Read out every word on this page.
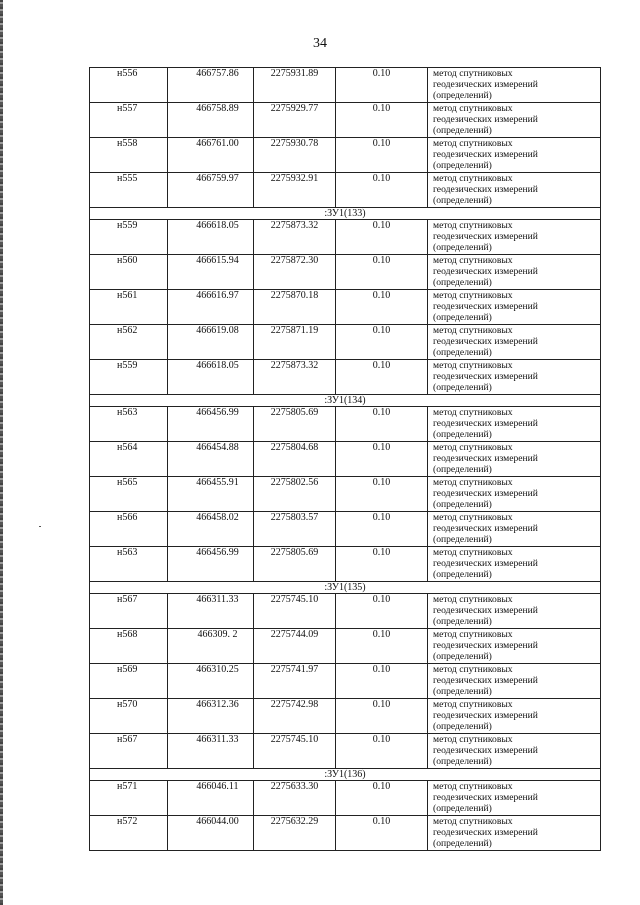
34
н556	466757.86	2275931.89	0.10	метод спутниковых
геодезических измерений
(определений)
н557	466758.89	2275929.77	0.10	метод спутниковых
геодезических измерений
(определений)
н558	466761.00	2275930.78	0.10	метод спутниковых
геодезических измерений
(определений)
н555	466759.97	2275932.91	0.10	метод спутниковых
геодезических измерений
(определений)
:ЗУ1(133)				
н559	466618.05	2275873.32	0.10	метод спутниковых
геодезических измерений
(определений)
н560	466615.94	2275872.30	0.10	метод спутниковых
геодезических измерений
(определений)
н561	466616.97	2275870.18	0.10	метод спутниковых
геодезических измерений
(определений)
н562	466619.08	2275871.19	0.10	метод спутниковых
геодезических измерений
(определений)
н559	466618.05	2275873.32	0.10	метод спутниковых
геодезических измерений
(определений)
:ЗУ1(134)				
н563	466456.99	2275805.69	0.10	метод спутниковых
геодезических измерений
(определений)
н564	466454.88	2275804.68	0.10	метод спутниковых
геодезических измерений
(определений)
н565	466455.91	2275802.56	0.10	метод спутниковых
геодезических измерений
(определений)
н566	466458.02	2275803.57	0.10	метод спутниковых
геодезических измерений
(определений)
н563	466456.99	2275805.69	0.10	метод спутниковых
геодезических измерений
(определений)
:ЗУ1(135)				
н567	466311.33	2275745.10	0.10	метод спутниковых
геодезических измерений
(определений)
н568	466309. 2	2275744.09	0.10	метод спутниковых
геодезических измерений
(определений)
н569	466310.25	2275741.97	0.10	метод спутниковых
геодезических измерений
(определений)
н570	466312.36	2275742.98	0.10	метод спутниковых
геодезических измерений
(определений)
н567	466311.33	2275745.10	0.10	метод спутниковых
геодезических измерений
(определений)
:ЗУ1(136)				
н571	466046.11	2275633.30	0.10	метод спутниковых
геодезических измерений
(определений)
н572	466044.00	2275632.29	0.10	метод спутниковых
геодезических измерений
(определений)
